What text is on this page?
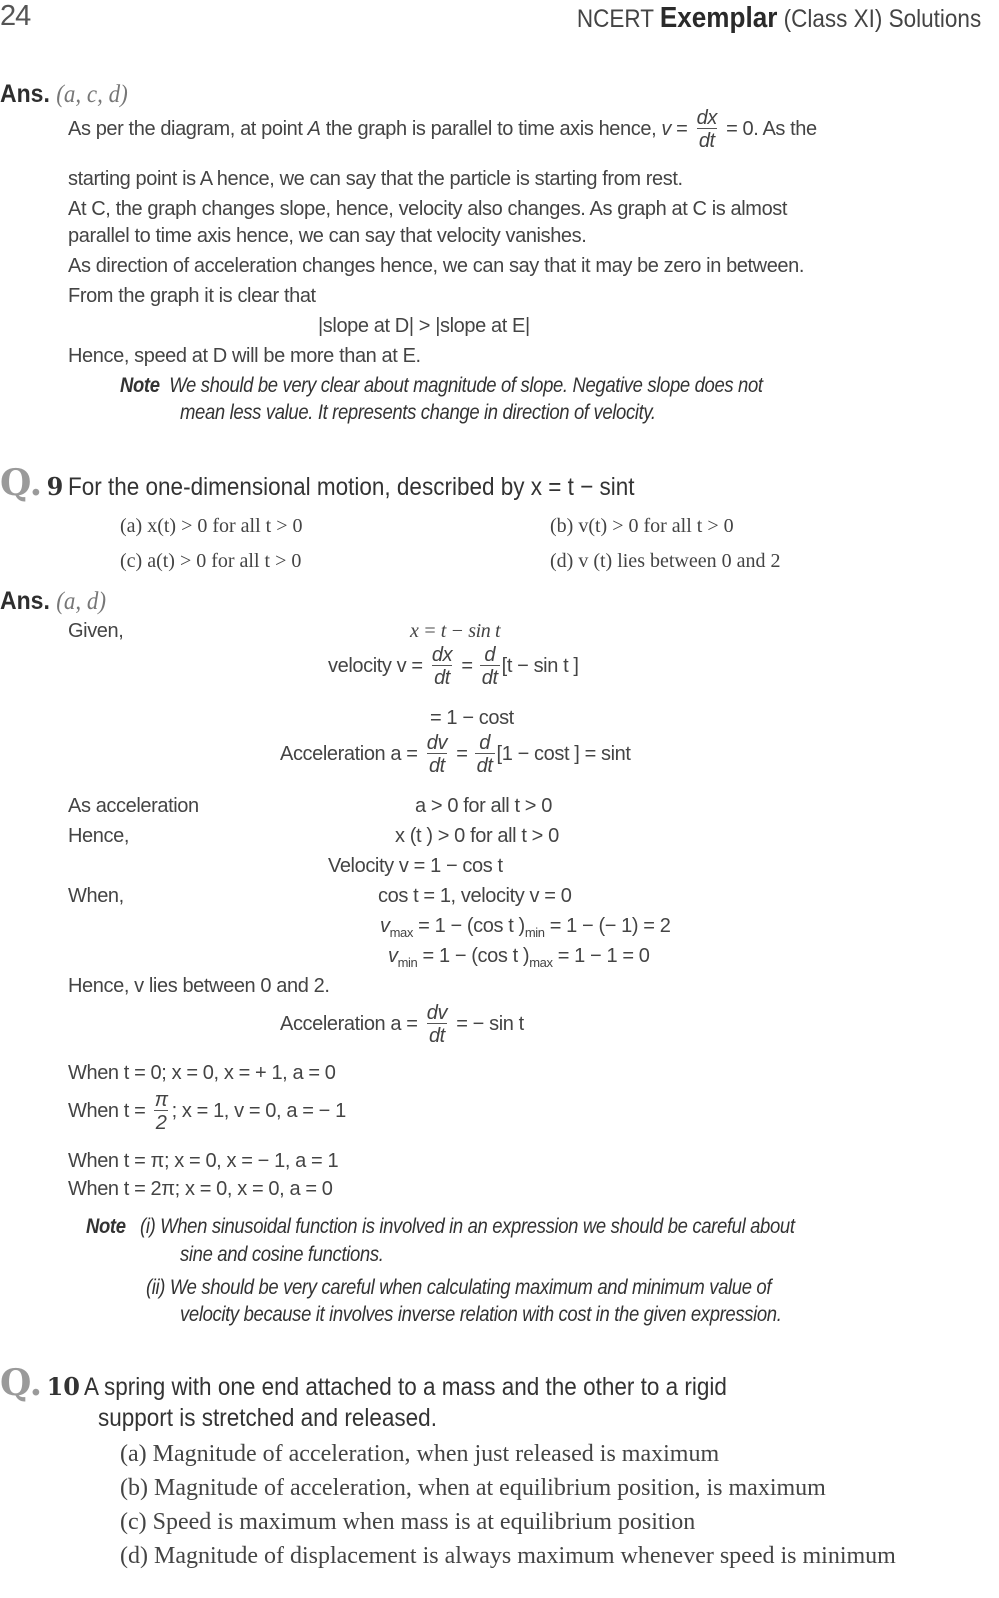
24	NCERT Exemplar (Class XI) Solutions
Ans. (a, c, d)
As per the diagram, at point A the graph is parallel to time axis hence, $v = \frac{dx}{dt} = 0$. As the
starting point is A hence, we can say that the particle is starting from rest.
At C, the graph changes slope, hence, velocity also changes. As graph at C is almost
parallel to time axis hence, we can say that velocity vanishes.
As direction of acceleration changes hence, we can say that it may be zero in between.
From the graph it is clear that
|slope at D| > |slope at E|
Hence, speed at D will be more than at E.
Note We should be very clear about magnitude of slope. Negative slope does not
mean less value. It represents change in direction of velocity.
Q. 9 For the one-dimensional motion, described by x = t − sint
(a) x(t) > 0 for all t > 0	(b) v(t) > 0 for all t > 0
(c) a(t) > 0 for all t > 0	(d) v (t) lies between 0 and 2
Ans. (a, d)
Given,	x = t − sin t
velocity $v = \frac{dx}{dt} = \frac{d}{dt} [t - \sin t$ ]
= 1 − cost
Acceleration $a = \frac{dv}{dt} = \frac{d}{dt} [1 - \cos t$ ] = sint
As acceleration	a > 0 for all t > 0
Hence,	x (t ) > 0 for all t > 0
Velocity v = 1 − cos t
When,	cos t = 1, velocity v = 0
$v_{max} = 1 - (\cos$ t )$_{min} = 1$ − (− 1) = 2
$v_{min} = 1 - (\cos$ t )$_{max} = 1 - 1 = 0$
Hence, v lies between 0 and 2.
Acceleration $a = \frac{dv}{dt}$ = − sin t
When t = 0; x = 0, x = + 1, a = 0
When $t = \frac{\pi}{2}$ ; x = 1, v = 0, a = − 1
When t = π; x = 0, x = − 1, a = 1
When t = 2π; x = 0, x = 0, a = 0
Note (i) When sinusoidal function is involved in an expression we should be careful about
sine and cosine functions.
(ii) We should be very careful when calculating maximum and minimum value of
velocity because it involves inverse relation with cost in the given expression.
Q. 10 A spring with one end attached to a mass and the other to a rigid
support is stretched and released.
(a) Magnitude of acceleration, when just released is maximum
(b) Magnitude of acceleration, when at equilibrium position, is maximum
(c) Speed is maximum when mass is at equilibrium position
(d) Magnitude of displacement is always maximum whenever speed is minimum
